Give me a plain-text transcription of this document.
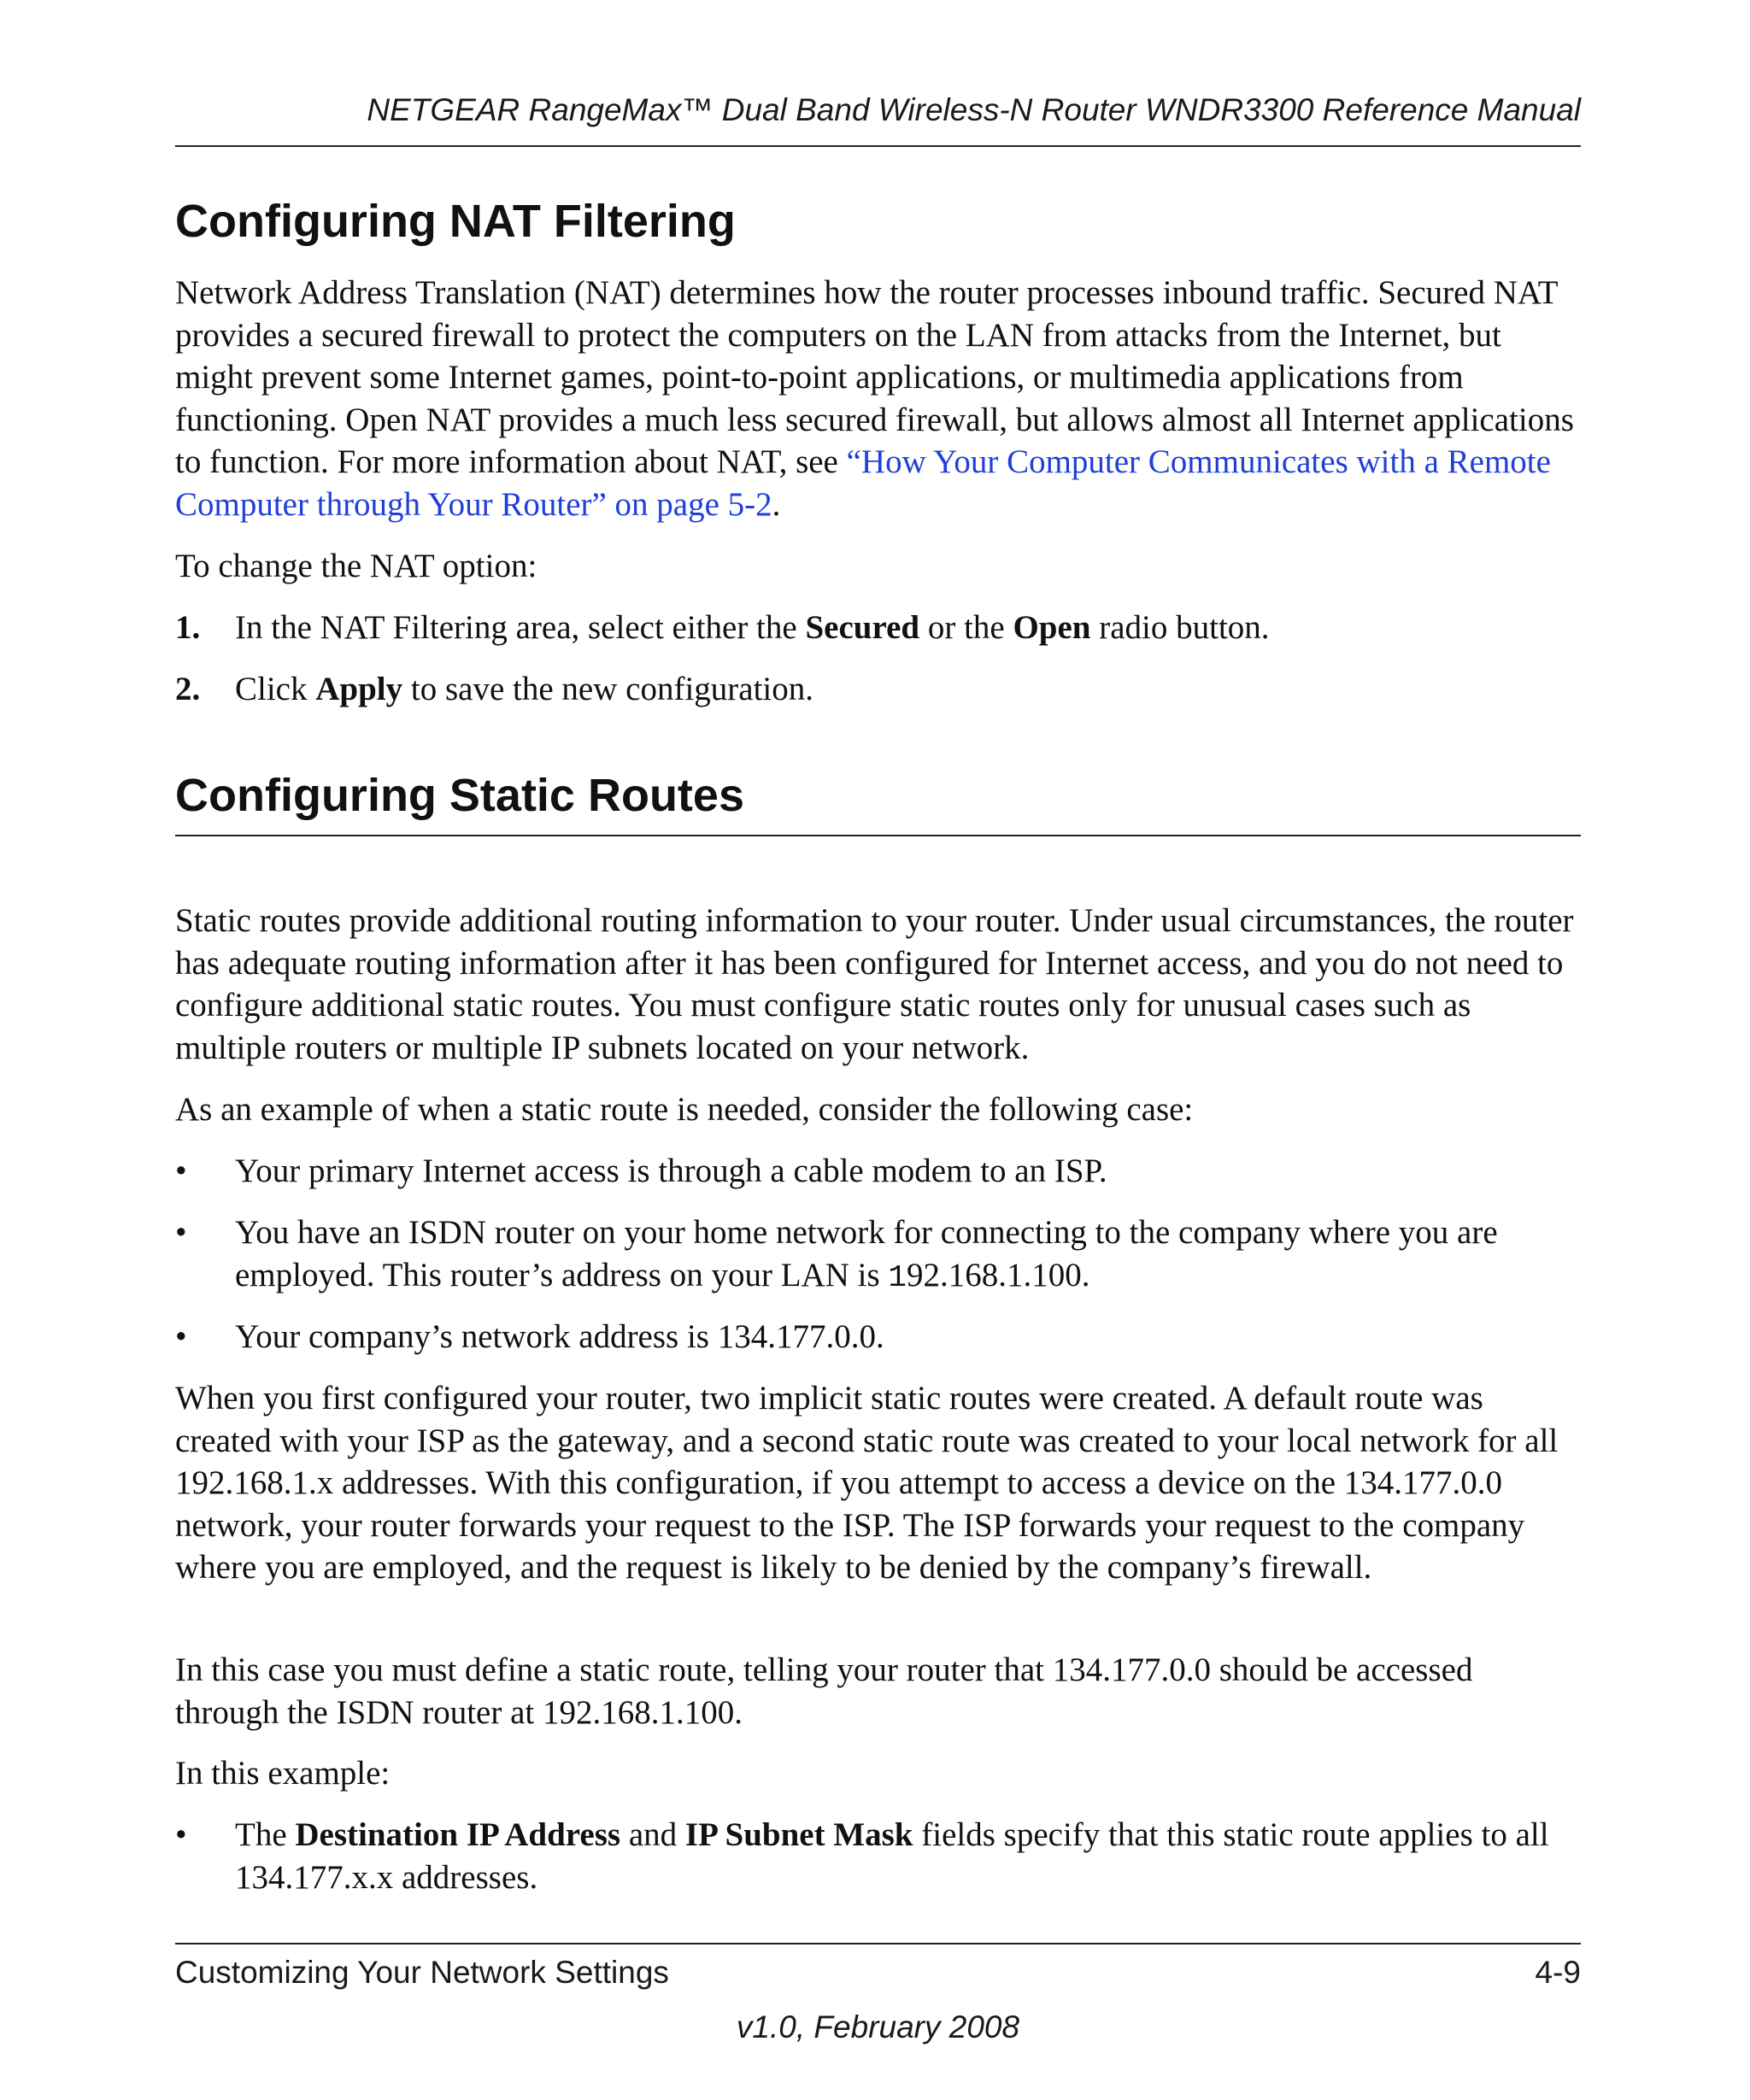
NETGEAR RangeMax™ Dual Band Wireless-N Router WNDR3300 Reference Manual
Configuring NAT Filtering

Network Address Translation (NAT) determines how the router processes inbound traffic. Secured NAT provides a secured firewall to protect the computers on the LAN from attacks from the Internet, but might prevent some Internet games, point-to-point applications, or multimedia applications from functioning. Open NAT provides a much less secured firewall, but allows almost all Internet applications to function. For more information about NAT, see “How Your Computer Communicates with a Remote Computer through Your Router” on page 5-2.

To change the NAT option:

1. In the NAT Filtering area, select either the Secured or the Open radio button.
2. Click Apply to save the new configuration.
Configuring Static Routes

Static routes provide additional routing information to your router. Under usual circumstances, the router has adequate routing information after it has been configured for Internet access, and you do not need to configure additional static routes. You must configure static routes only for unusual cases such as multiple routers or multiple IP subnets located on your network.

As an example of when a static route is needed, consider the following case:

• Your primary Internet access is through a cable modem to an ISP.
• You have an ISDN router on your home network for connecting to the company where you are employed. This router’s address on your LAN is 192.168.1.100.
• Your company’s network address is 134.177.0.0.

When you first configured your router, two implicit static routes were created. A default route was created with your ISP as the gateway, and a second static route was created to your local network for all 192.168.1.x addresses. With this configuration, if you attempt to access a device on the 134.177.0.0 network, your router forwards your request to the ISP. The ISP forwards your request to the company where you are employed, and the request is likely to be denied by the company’s firewall.

In this case you must define a static route, telling your router that 134.177.0.0 should be accessed through the ISDN router at 192.168.1.100.

In this example:

• The Destination IP Address and IP Subnet Mask fields specify that this static route applies to all 134.177.x.x addresses.
Customizing Your Network Settings	4-9
v1.0, February 2008
